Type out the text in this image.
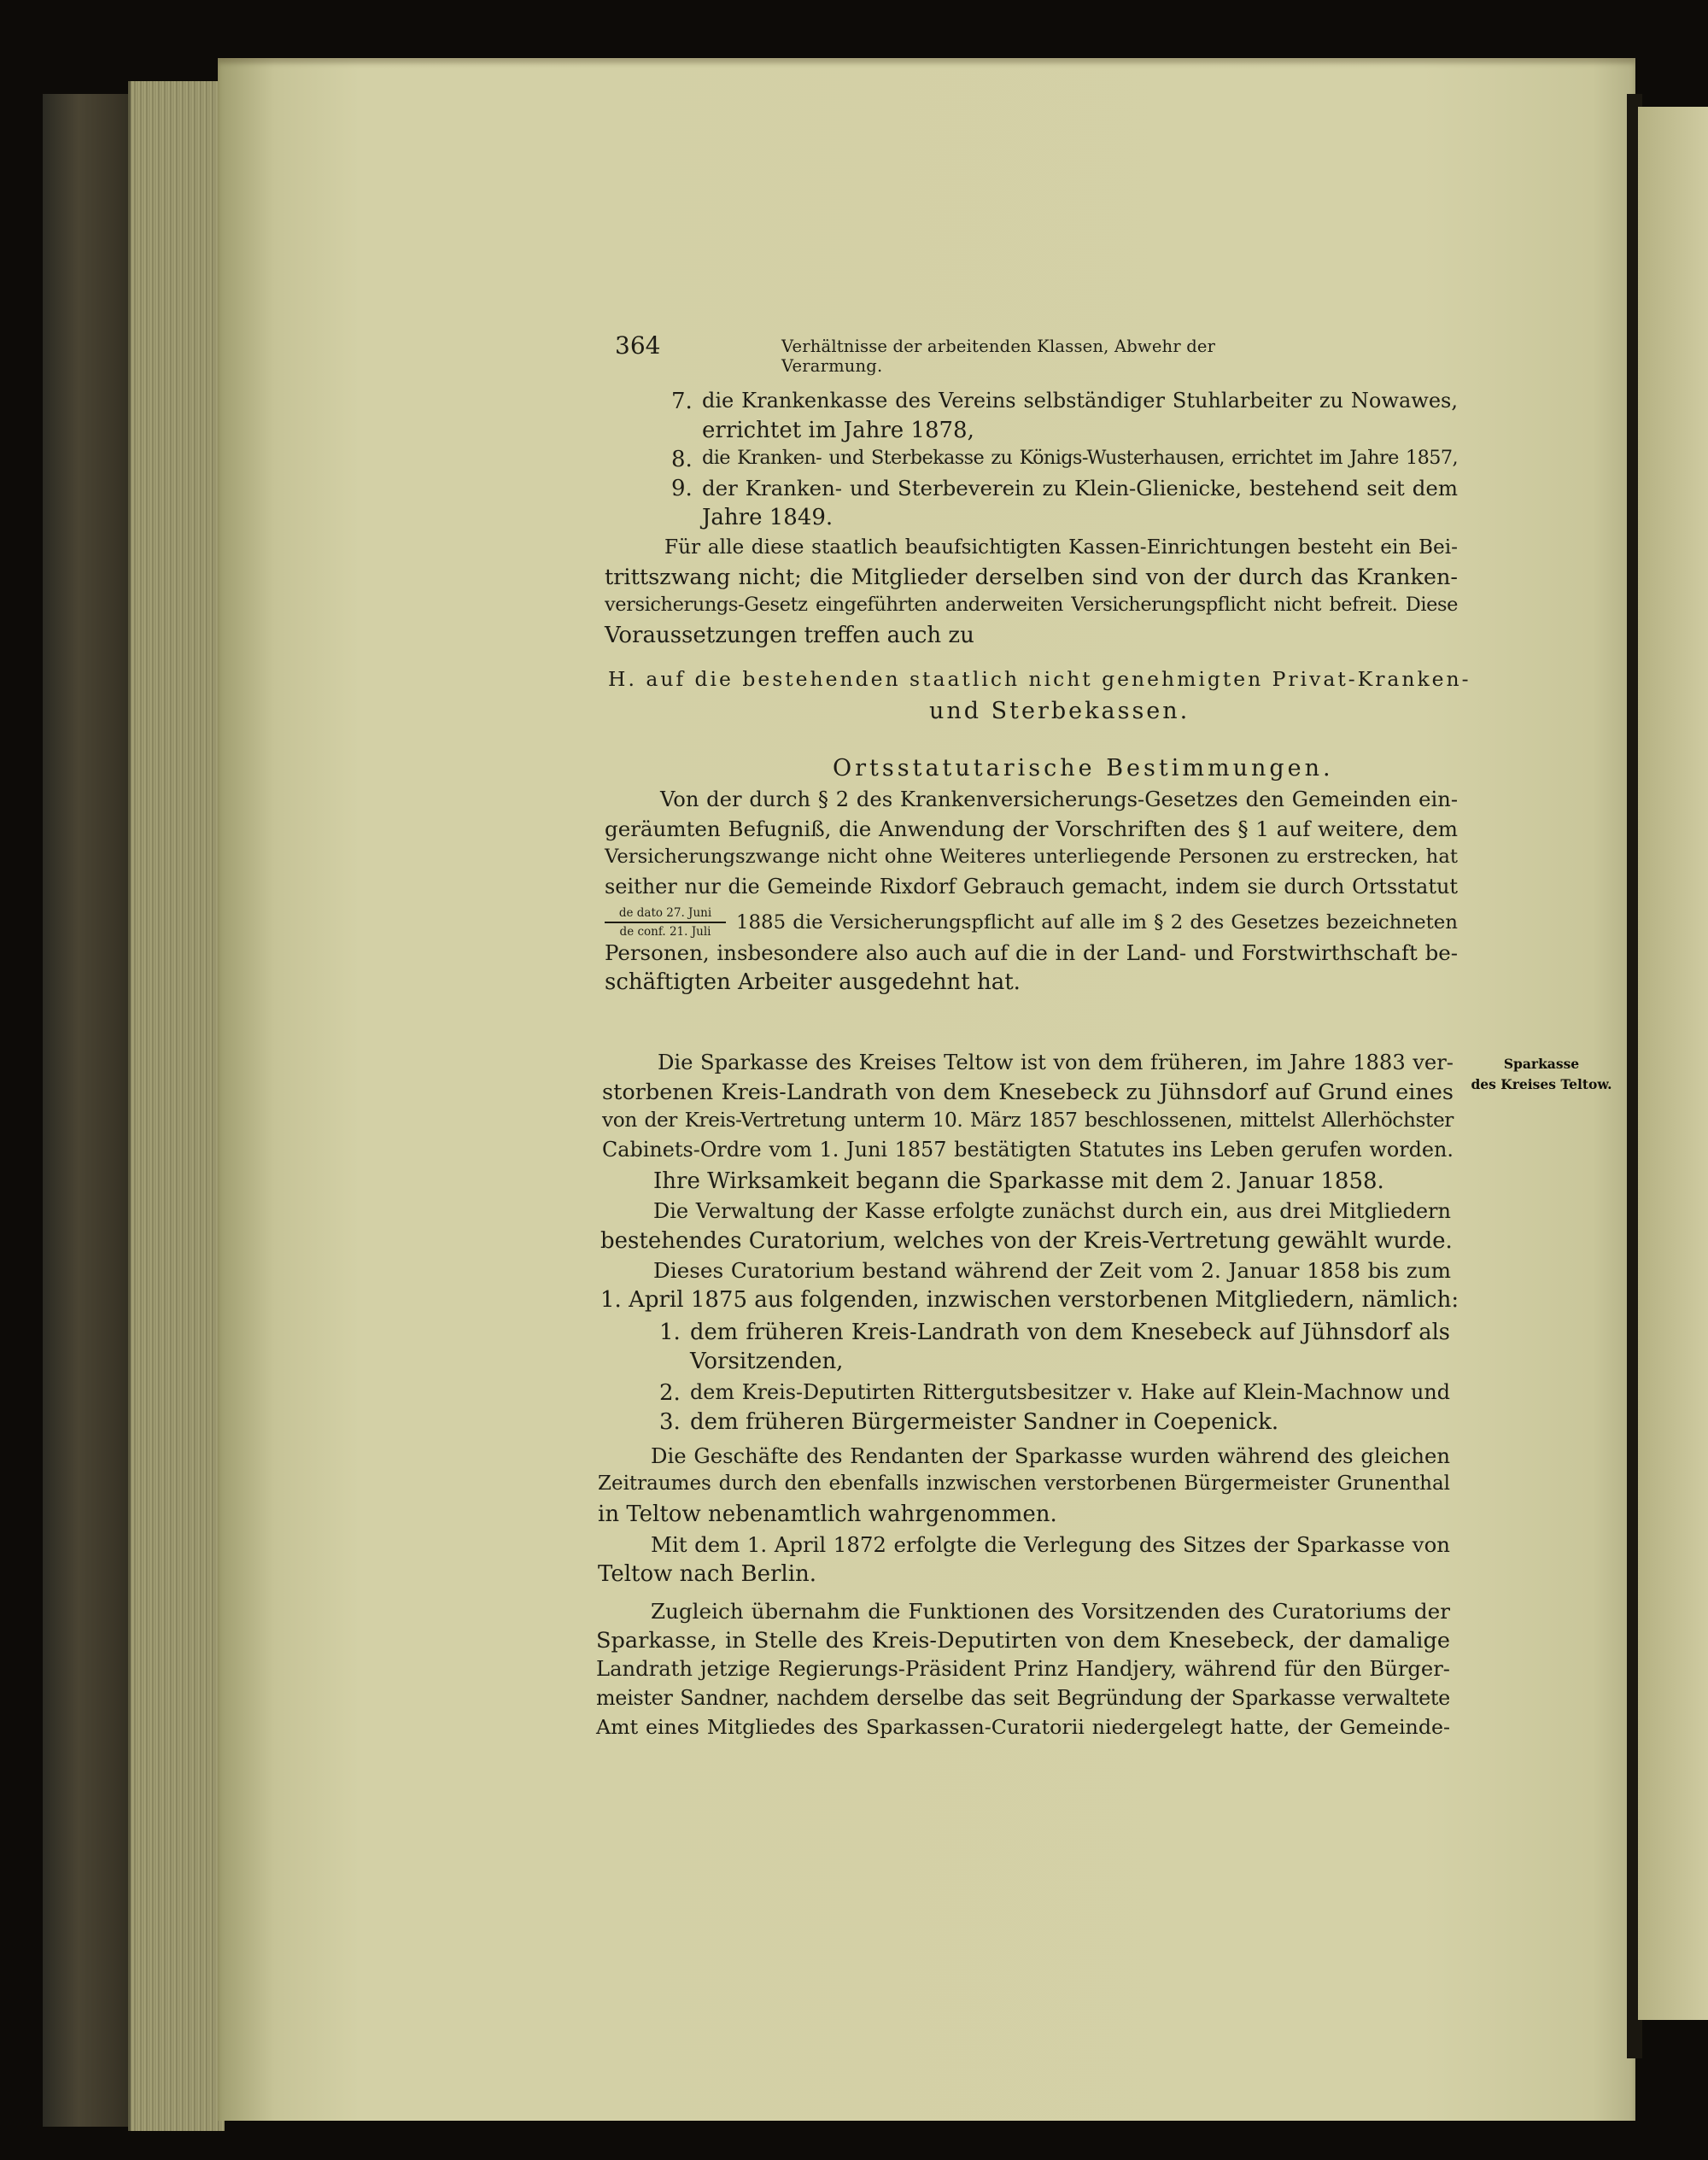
364	Verhältnisse der arbeitenden Klassen, Abwehr der Verarmung.
7. die Krankenkasse des Vereins selbständiger Stuhlarbeiter zu Nowawes,
errichtet im Jahre 1878,
8. die Kranken- und Sterbekasse zu Königs-Wusterhausen, errichtet im Jahre 1857,
9. der Kranken- und Sterbeverein zu Klein-Glienicke, bestehend seit dem
Jahre 1849.
Für alle diese staatlich beaufsichtigten Kassen-Einrichtungen besteht ein Bei-
trittszwang nicht; die Mitglieder derselben sind von der durch das Kranken-
versicherungs-Gesetz eingeführten anderweiten Versicherungspflicht nicht befreit. Diese
Voraussetzungen treffen auch zu
H. auf die bestehenden staatlich nicht genehmigten Privat-Kranken-
und Sterbekassen.
Ortsstatutarische Bestimmungen.
Von der durch § 2 des Krankenversicherungs-Gesetzes den Gemeinden ein-
geräumten Befugniß, die Anwendung der Vorschriften des § 1 auf weitere, dem
Versicherungszwange nicht ohne Weiteres unterliegende Personen zu erstrecken, hat
seither nur die Gemeinde Rixdorf Gebrauch gemacht, indem sie durch Ortsstatut
de dato 27. Juni
de conf. 21. Juli	1885 die Versicherungspflicht auf alle im § 2 des Gesetzes bezeichneten
Personen, insbesondere also auch auf die in der Land- und Forstwirthschaft be-
schäftigten Arbeiter ausgedehnt hat.
Sparkasse
des Kreises Teltow.
Die Sparkasse des Kreises Teltow ist von dem früheren, im Jahre 1883 ver-
storbenen Kreis-Landrath von dem Knesebeck zu Jühnsdorf auf Grund eines
von der Kreis-Vertretung unterm 10. März 1857 beschlossenen, mittelst Allerhöchster
Cabinets-Ordre vom 1. Juni 1857 bestätigten Statutes ins Leben gerufen worden.
Ihre Wirksamkeit begann die Sparkasse mit dem 2. Januar 1858.
Die Verwaltung der Kasse erfolgte zunächst durch ein, aus drei Mitgliedern
bestehendes Curatorium, welches von der Kreis-Vertretung gewählt wurde.
Dieses Curatorium bestand während der Zeit vom 2. Januar 1858 bis zum
1. April 1875 aus folgenden, inzwischen verstorbenen Mitgliedern, nämlich:
1. dem früheren Kreis-Landrath von dem Knesebeck auf Jühnsdorf als
Vorsitzenden,
2. dem Kreis-Deputirten Rittergutsbesitzer v. Hake auf Klein-Machnow und
3. dem früheren Bürgermeister Sandner in Coepenick.
Die Geschäfte des Rendanten der Sparkasse wurden während des gleichen
Zeitraumes durch den ebenfalls inzwischen verstorbenen Bürgermeister Grunenthal
in Teltow nebenamtlich wahrgenommen.
Mit dem 1. April 1872 erfolgte die Verlegung des Sitzes der Sparkasse von
Teltow nach Berlin.
Zugleich übernahm die Funktionen des Vorsitzenden des Curatoriums der
Sparkasse, in Stelle des Kreis-Deputirten von dem Knesebeck, der damalige
Landrath jetzige Regierungs-Präsident Prinz Handjery, während für den Bürger-
meister Sandner, nachdem derselbe das seit Begründung der Sparkasse verwaltete
Amt eines Mitgliedes des Sparkassen-Curatorii niedergelegt hatte, der Gemeinde-
